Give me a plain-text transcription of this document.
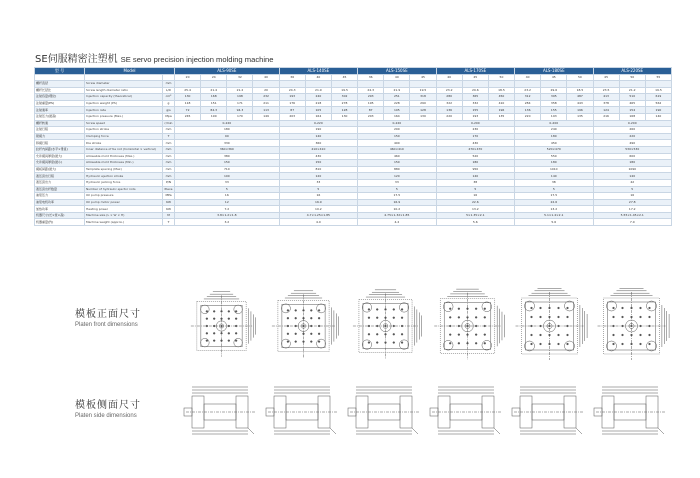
SE伺服精密注塑机 SE servo precision injection molding machine
型 号	Model		ALS-90SE				ALS-140SE			ALS-150SE			ALS-170SE			ALS-180SE			ALS-220SE		
			20	24	32	40	36	40	45	36	40	45	40	45	50	40	45	50	45	50	55
螺杆直径	Screw diameter	mm																			
螺杆长径比	Screw length diameter ratio	L/D	25.4	21.4	21.2	20	24.3	21.9	19.5	24.3	21.9	19.5	23.2	29.6	18.5	23.2	29.6	18.5	23.5	21.2	19.5
注射容量(理论)	Injection capacity (theoretical)	cm³	130	168	198	232	193	240	302	293	251	318	280	365	450	312	395	487	413	510	619
注射重量(PS)	Injection weight (PS)	g	118	151	171	211	176	218	278	195	228	290	322	332	410	284	358	443	378	465	562
注射速率	Injection rate	g/s	72	84.3	94.3	113	87	105	128	87	105	128	136	155	196	136	155	196	124	154	190
注射压力(最高)	Injection pressure (Max.)	Mpa	245	190	170	149	203	164	130	203	164	130	220	193	135	220	193	135	216	168	140
螺杆转速	Screw speed	r/min	0-220				0-220			0-220			0-200			0-200			0-200		
注射行程	Injection stroke	mm	180				190			200			230			240			260		
锁模力	Clamping force	T	90				140			150			170			180			220		
移模行程	Die stroke	mm	330				360			400			430			450			490		
拉杆内间距(水平×垂直)	Inner distance of tie rod (horizontal × vertical)	mm	360×360				410×410			460×410			470×470			520×470			530×530		
允许模具厚度(最大)	Allowable mold thickness (Max.)	mm	380				430			460			520			550			600		
允许模具厚度(最小)	Allowable mold thickness (Min.)	mm	150				150			150			180			180			180		
模板间距(最大)	Template spacing (Max)	mm	710				810			880			950			1010			1090		
液压顶出行程	Hydraulic ejection stroke	mm	100				120			120			140			140			140		
液压顶出力	Hydraulic jacking force	P/N	33				33			33			38			38			42		
液压顶出杆数量	Number of hydraulic ejector rods	Piece	5				5			5			5			5			5		
油泵压力	Oil pump pressure	MPa	16				16			17.5			16			17.5			16		
油泵电机功率	Oil pump motor power	KW	12				16.9			16.9			22.6			22.6			27.8		
加热功率	Heating power	KW	7.2				10.2			10.2			13.2			13.2			17.2		
机器尺寸(长×宽×高)	Machine size (L × W × H)	M	3.8×1.2×1.8				4.7×1.25×1.85			4.75×1.32×1.85			5×1.35×2.1			5.1×1.4×2.1			5.55×1.45×2.1		
机器重量(约)	Machine weight (approx.)	T	3.2				4.0			4.2			5.6			5.6			7.0		
模板正面尺寸
Platen front dimensions
模板侧面尺寸
Platen side dimensions
